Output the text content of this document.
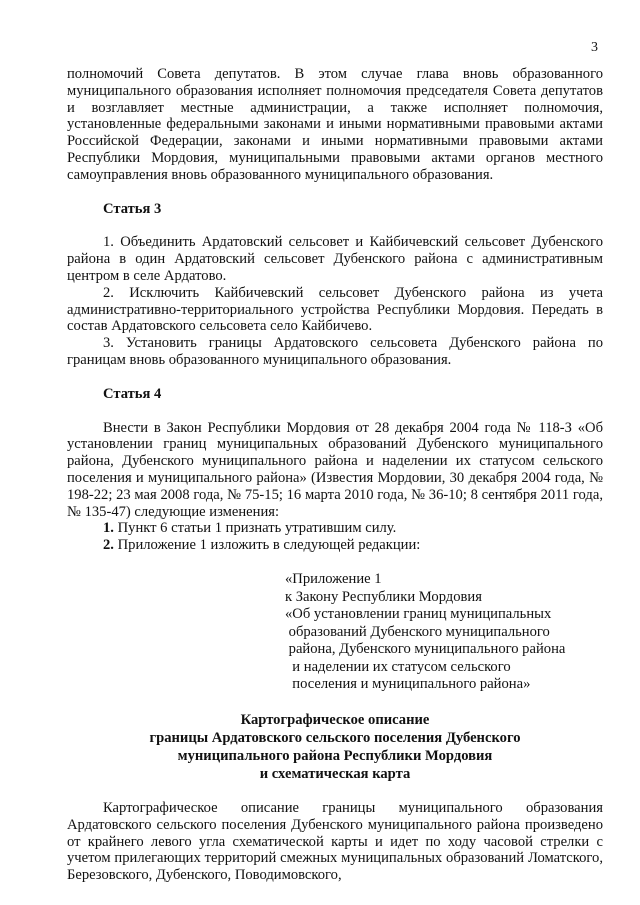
3

полномочий Совета депутатов. В этом случае глава вновь образованного муниципального образования исполняет полномочия председателя Совета депутатов и возглавляет местные администрации, а также исполняет полномочия, установленные федеральными законами и иными нормативными правовыми актами Российской Федерации, законами и иными нормативными правовыми актами Республики Мордовия, муниципальными правовыми актами органов местного самоуправления вновь образованного муниципального образования.

Статья 3

1. Объединить Ардатовский сельсовет и Кайбичевский сельсовет Дубенского района в один Ардатовский сельсовет Дубенского района с административным центром в селе Ардатово.

2. Исключить Кайбичевский сельсовет Дубенского района из учета административно-территориального устройства Республики Мордовия. Передать в состав Ардатовского сельсовета село Кайбичево.

3. Установить границы Ардатовского сельсовета Дубенского района по границам вновь образованного муниципального образования.

Статья 4

Внести в Закон Республики Мордовия от 28 декабря 2004 года № 118-З «Об установлении границ муниципальных образований Дубенского муниципального района, Дубенского муниципального района и наделении их статусом сельского поселения и муниципального района» (Известия Мордовии, 30 декабря 2004 года, № 198-22; 23 мая 2008 года, № 75-15; 16 марта 2010 года, № 36-10; 8 сентября 2011 года, № 135-47) следующие изменения:

1. Пункт 6 статьи 1 признать утратившим силу.

2. Приложение 1 изложить в следующей редакции:

«Приложение 1

к Закону Республики Мордовия

«Об установлении границ муниципальных

образований Дубенского муниципального

района, Дубенского муниципального района

и наделении их статусом сельского

поселения и муниципального района»

Картографическое описание

границы Ардатовского сельского поселения Дубенского

муниципального района Республики Мордовия

и схематическая карта

Картографическое описание границы муниципального образования Ардатовского сельского поселения Дубенского муниципального района произведено от крайнего левого угла схематической карты и идет по ходу часовой стрелки с учетом прилегающих территорий смежных муниципальных образований Ломатского, Березовского, Дубенского, Поводимовского,
